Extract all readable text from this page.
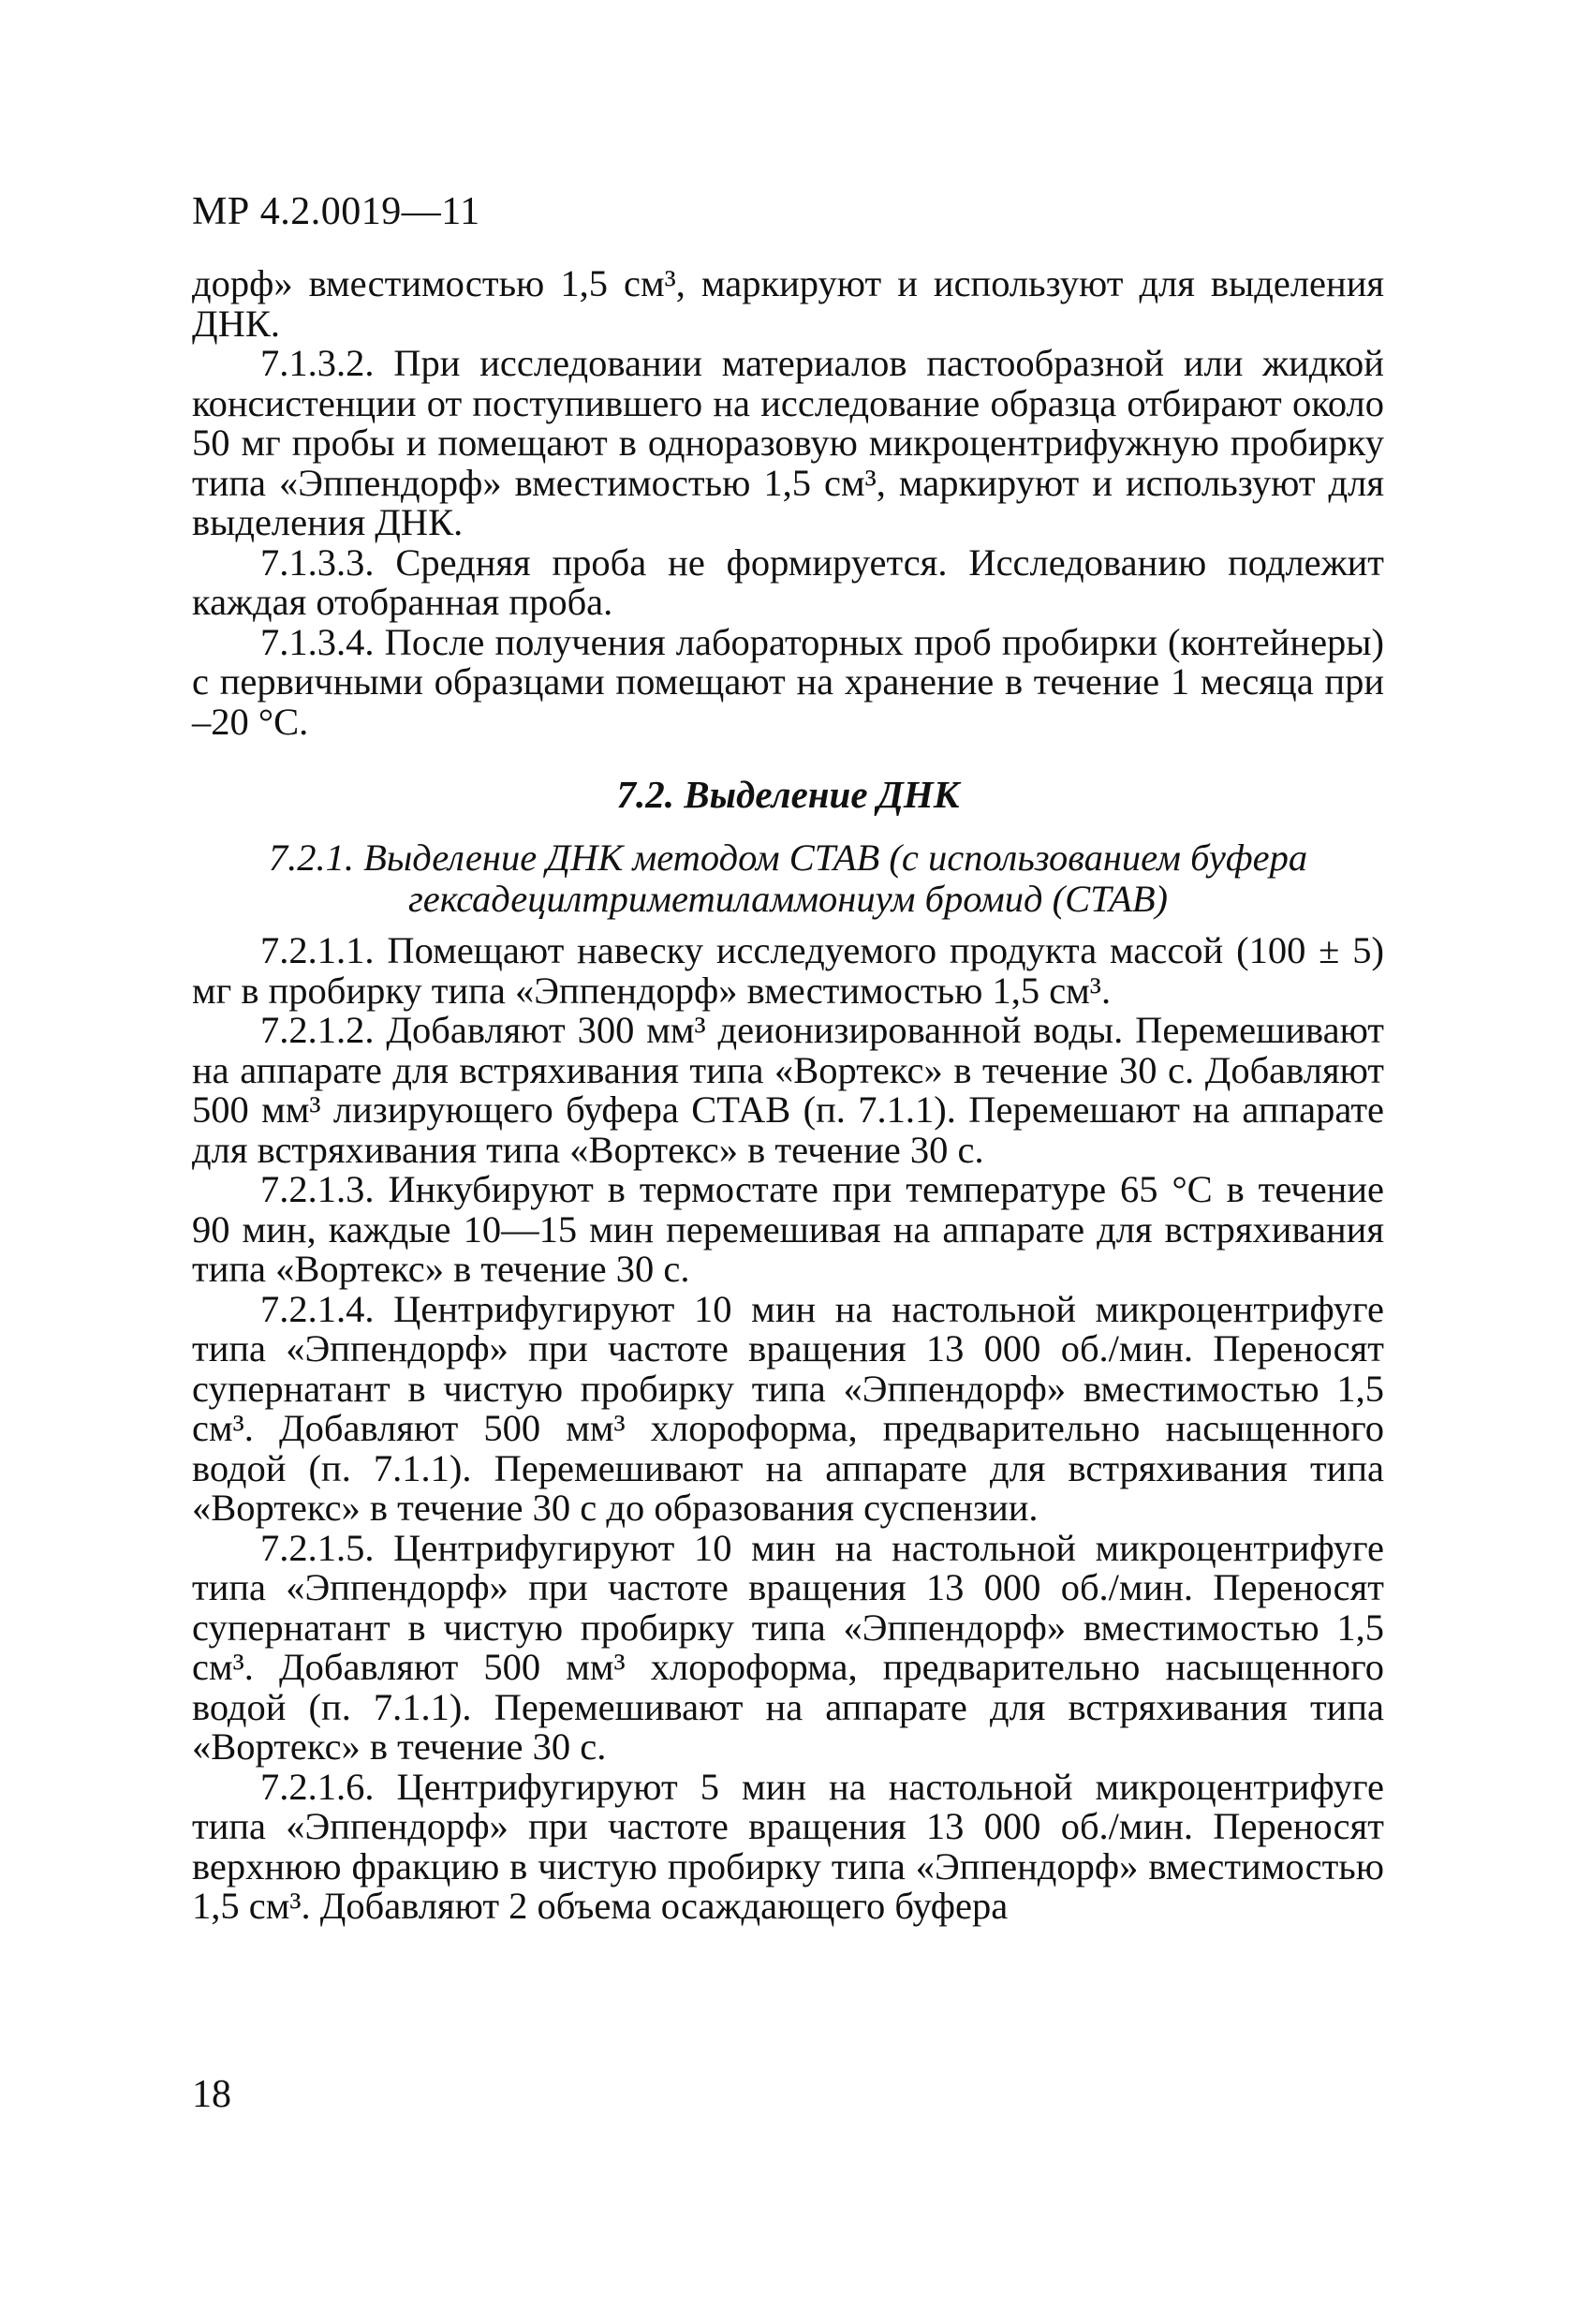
МР 4.2.0019—11

дорф» вместимостью 1,5 см³, маркируют и используют для выделения ДНК.

7.1.3.2. При исследовании материалов пастообразной или жидкой консистенции от поступившего на исследование образца отбирают около 50 мг пробы и помещают в одноразовую микроцентрифужную пробирку типа «Эппендорф» вместимостью 1,5 см³, маркируют и используют для выделения ДНК.

7.1.3.3. Средняя проба не формируется. Исследованию подлежит каждая отобранная проба.

7.1.3.4. После получения лабораторных проб пробирки (контейнеры) с первичными образцами помещают на хранение в течение 1 месяца при –20 °С.

7.2. Выделение ДНК
7.2.1. Выделение ДНК методом СТАВ (с использованием буфера
гексадецилтриметиламмониум бромид (СТАВ)

7.2.1.1. Помещают навеску исследуемого продукта массой (100 ± 5) мг в пробирку типа «Эппендорф» вместимостью 1,5 см³.

7.2.1.2. Добавляют 300 мм³ деионизированной воды. Перемешивают на аппарате для встряхивания типа «Вортекс» в течение 30 с. Добавляют 500 мм³ лизирующего буфера СТАВ (п. 7.1.1). Перемешают на аппарате для встряхивания типа «Вортекс» в течение 30 с.

7.2.1.3. Инкубируют в термостате при температуре 65 °С в течение 90 мин, каждые 10—15 мин перемешивая на аппарате для встряхивания типа «Вортекс» в течение 30 с.

7.2.1.4. Центрифугируют 10 мин на настольной микроцентрифуге типа «Эппендорф» при частоте вращения 13 000 об./мин. Переносят супернатант в чистую пробирку типа «Эппендорф» вместимостью 1,5 см³. Добавляют 500 мм³ хлороформа, предварительно насыщенного водой (п. 7.1.1). Перемешивают на аппарате для встряхивания типа «Вортекс» в течение 30 с до образования суспензии.

7.2.1.5. Центрифугируют 10 мин на настольной микроцентрифуге типа «Эппендорф» при частоте вращения 13 000 об./мин. Переносят супернатант в чистую пробирку типа «Эппендорф» вместимостью 1,5 см³. Добавляют 500 мм³ хлороформа, предварительно насыщенного водой (п. 7.1.1). Перемешивают на аппарате для встряхивания типа «Вортекс» в течение 30 с.

7.2.1.6. Центрифугируют 5 мин на настольной микроцентрифуге типа «Эппендорф» при частоте вращения 13 000 об./мин. Переносят верхнюю фракцию в чистую пробирку типа «Эппендорф» вместимостью 1,5 см³. Добавляют 2 объема осаждающего буфера

18
